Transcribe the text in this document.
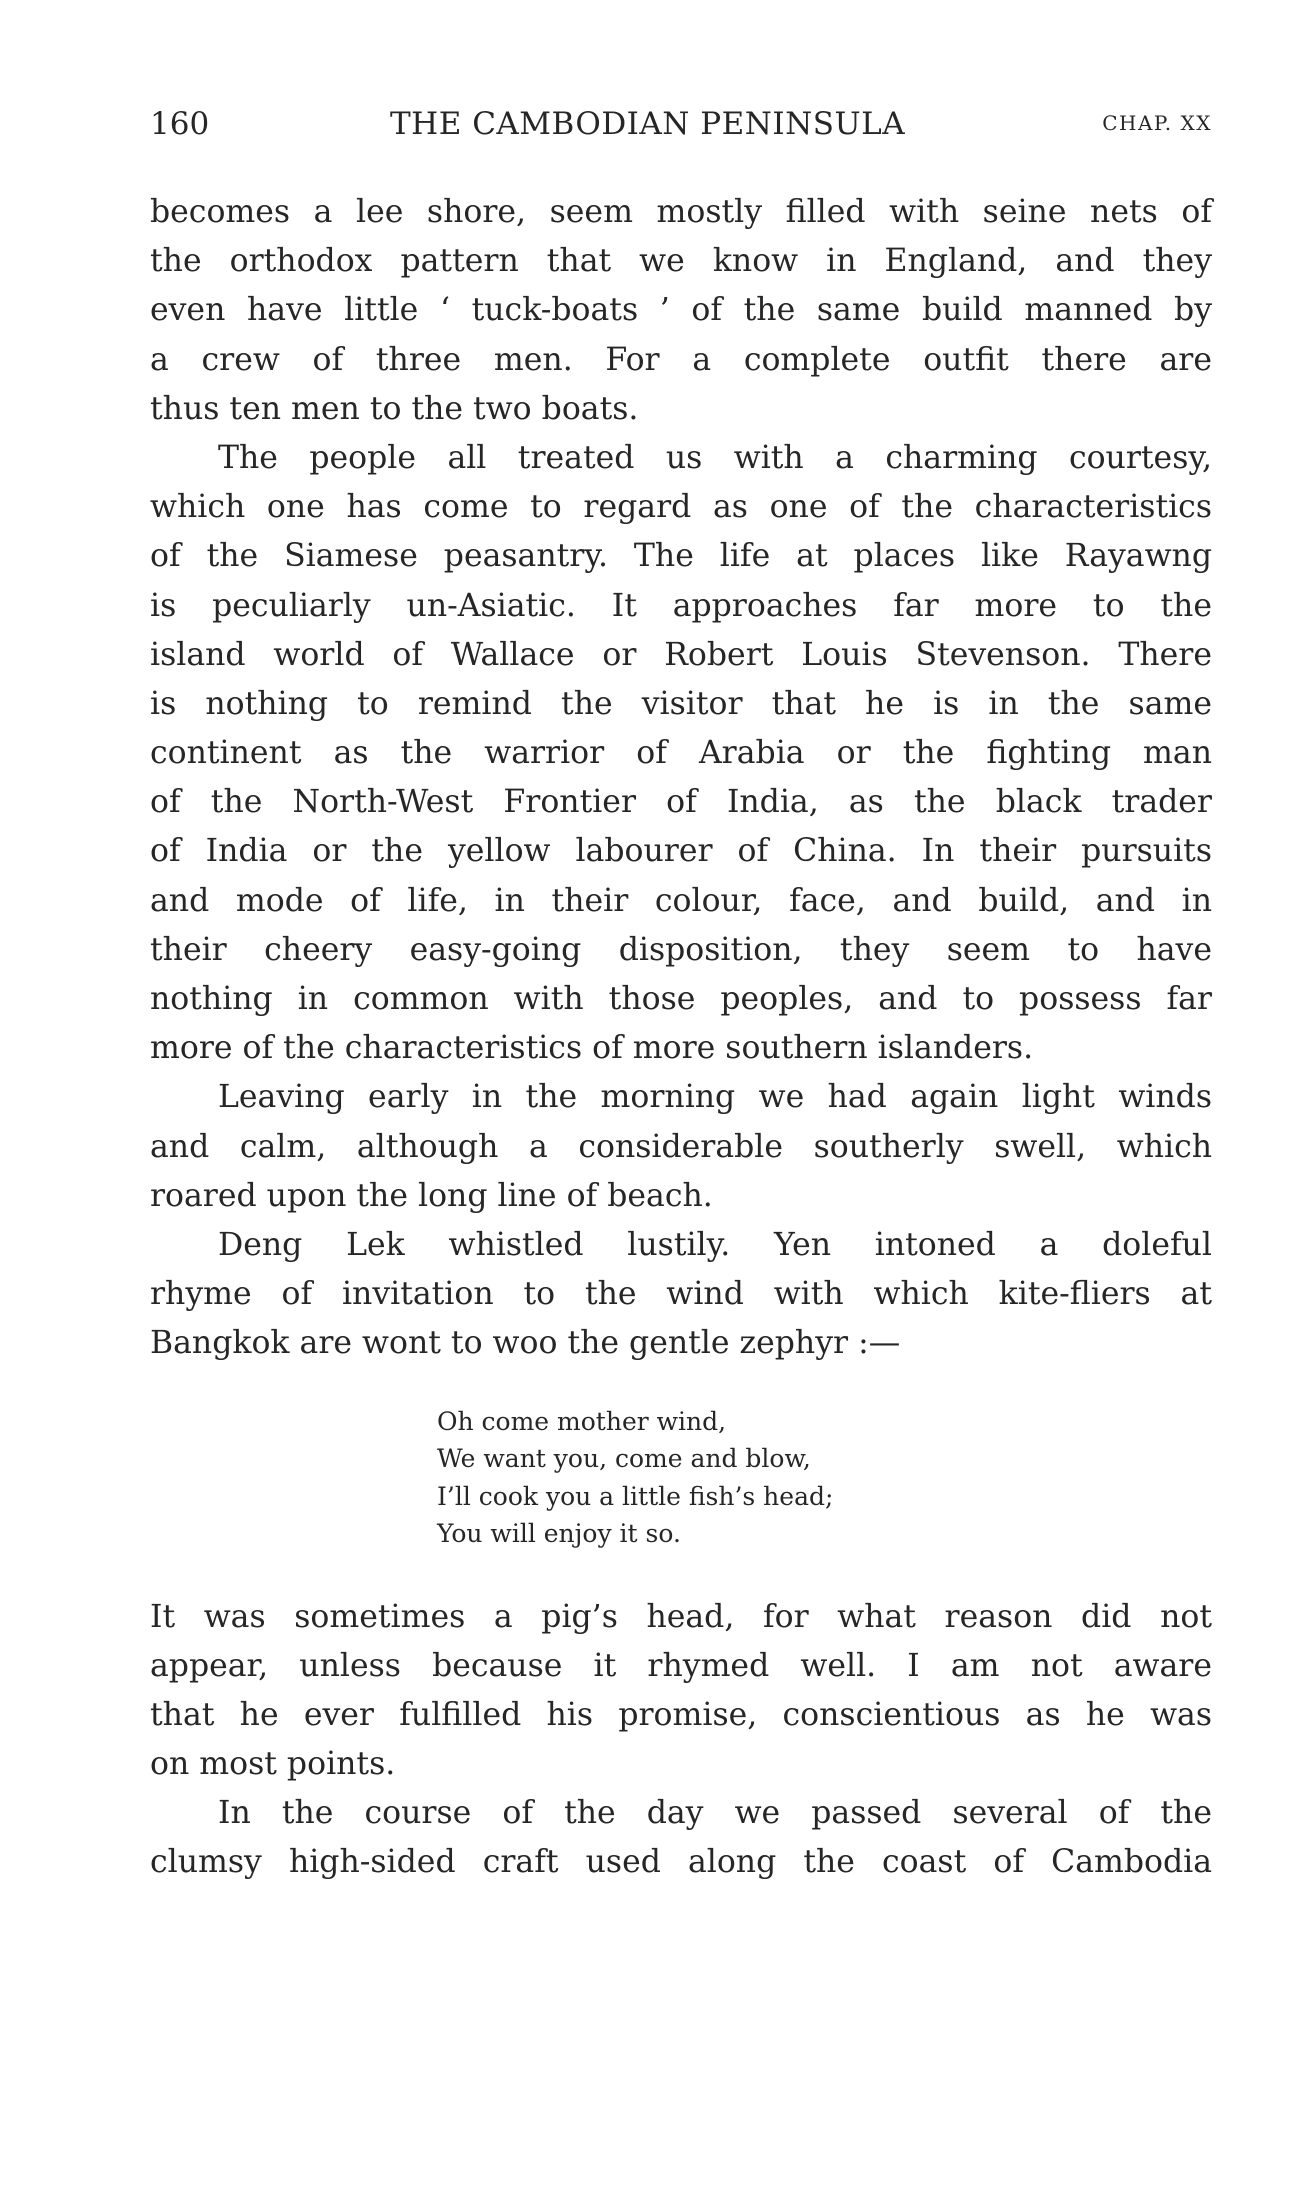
160	THE CAMBODIAN PENINSULA	CHAP. XX
becomes a lee shore, seem mostly filled with seine nets of
the orthodox pattern that we know in England, and they
even have little ‘ tuck-boats ’ of the same build manned by
a crew of three men. For a complete outfit there are
thus ten men to the two boats.
The people all treated us with a charming courtesy,
which one has come to regard as one of the characteristics
of the Siamese peasantry. The life at places like Rayawng
is peculiarly un-Asiatic. It approaches far more to the
island world of Wallace or Robert Louis Stevenson. There
is nothing to remind the visitor that he is in the same
continent as the warrior of Arabia or the fighting man
of the North-West Frontier of India, as the black trader
of India or the yellow labourer of China. In their pursuits
and mode of life, in their colour, face, and build, and in
their cheery easy-going disposition, they seem to have
nothing in common with those peoples, and to possess far
more of the characteristics of more southern islanders.
Leaving early in the morning we had again light winds
and calm, although a considerable southerly swell, which
roared upon the long line of beach.
Deng Lek whistled lustily. Yen intoned a doleful
rhyme of invitation to the wind with which kite-fliers at
Bangkok are wont to woo the gentle zephyr :—
Oh come mother wind,
We want you, come and blow,
I’ll cook you a little fish’s head;
You will enjoy it so.
It was sometimes a pig’s head, for what reason did not
appear, unless because it rhymed well. I am not aware
that he ever fulfilled his promise, conscientious as he was
on most points.
In the course of the day we passed several of the
clumsy high-sided craft used along the coast of Cambodia
